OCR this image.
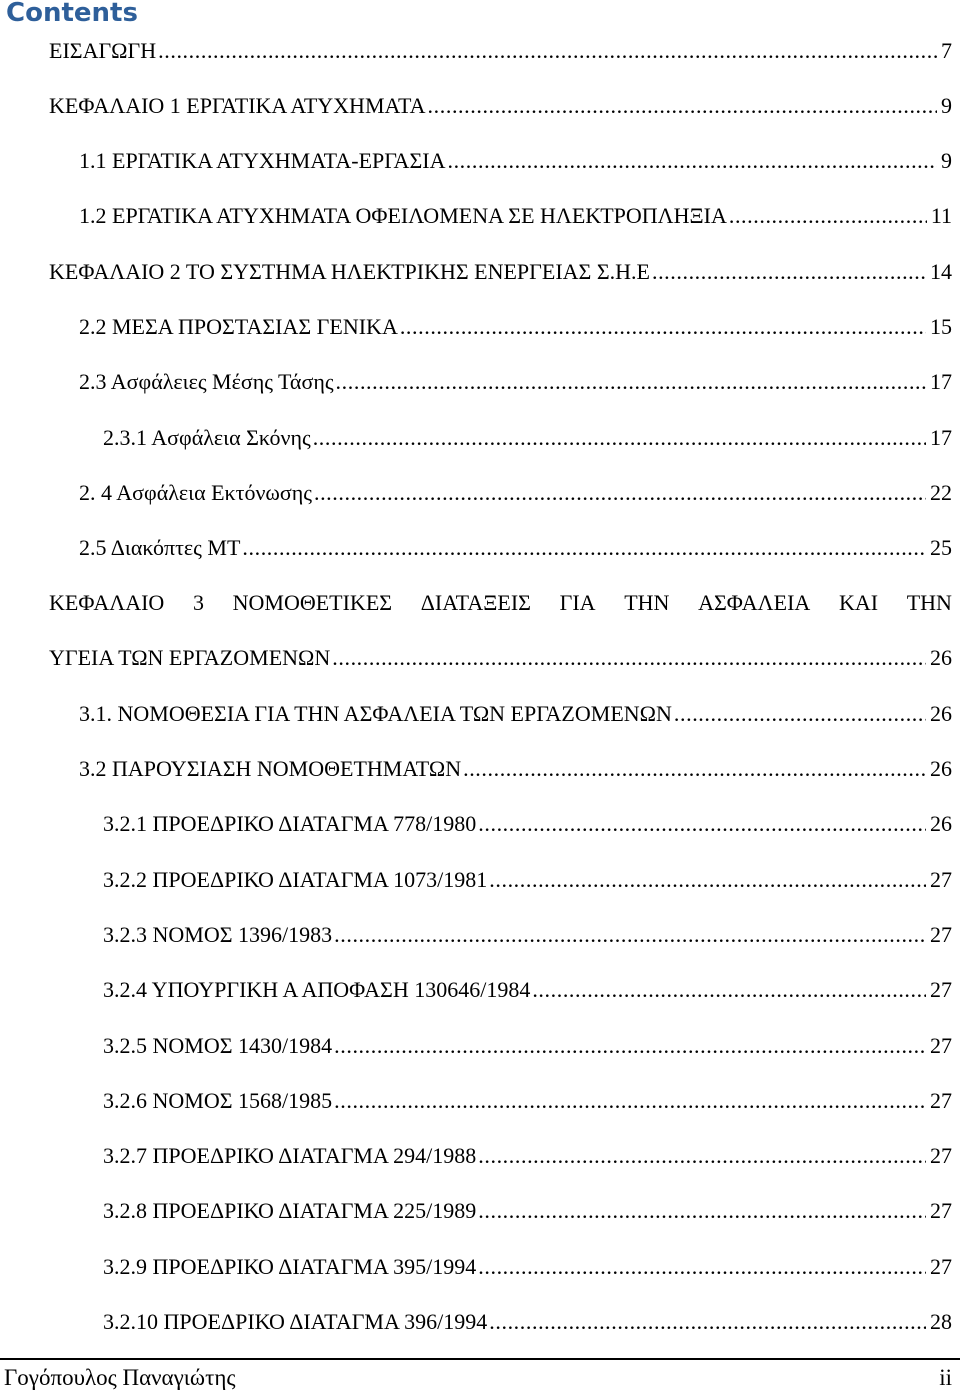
Contents
ΕΙΣΑΓΩΓΗ .....	7
ΚΕΦΑΛΑΙΟ 1 ΕΡΓΑΤΙΚΑ ΑΤΥΧΗΜΑΤΑ .....	9
1.1 ΕΡΓΑΤΙΚΑ ΑΤΥΧΗΜΑΤΑ-ΕΡΓΑΣΙΑ .....	9
1.2 ΕΡΓΑΤΙΚΑ ΑΤΥΧΗΜΑΤΑ ΟΦΕΙΛΟΜΕΝΑ ΣΕ ΗΛΕΚΤΡΟΠΛΗΞΙΑ .....	11
ΚΕΦΑΛΑΙΟ 2 ΤΟ ΣΥΣΤΗΜΑ ΗΛΕΚΤΡΙΚΗΣ ΕΝΕΡΓΕΙΑΣ Σ.Η.Ε .....	14
2.2 ΜΕΣΑ ΠΡΟΣΤΑΣΙΑΣ ΓΕΝΙΚΑ .....	15
2.3 Ασφάλειες Μέσης Τάσης .....	17
2.3.1 Ασφάλεια Σκόνης .....	17
2. 4 Ασφάλεια Εκτόνωσης .....	22
2.5 Διακόπτες ΜΤ .....	25
ΚΕΦΑΛΑΙΟ 3 ΝΟΜΟΘΕΤΙΚΕΣ ΔΙΑΤΑΞΕΙΣ ΓΙΑ ΤΗΝ ΑΣΦΑΛΕΙΑ ΚΑΙ ΤΗΝ
ΥΓΕΙΑ ΤΩΝ ΕΡΓΑΖΟΜΕΝΩΝ .....	26
3.1. ΝΟΜΟΘΕΣΙΑ ΓΙΑ ΤΗΝ ΑΣΦΑΛΕΙΑ ΤΩΝ ΕΡΓΑΖΟΜΕΝΩΝ .....	26
3.2 ΠΑΡΟΥΣΙΑΣΗ ΝΟΜΟΘΕΤΗΜΑΤΩΝ .....	26
3.2.1 ΠΡΟΕΔΡΙΚΟ ΔΙΑΤΑΓΜΑ 778/1980 .....	26
3.2.2 ΠΡΟΕΔΡΙΚΟ ΔΙΑΤΑΓΜΑ 1073/1981 .....	27
3.2.3 ΝΟΜΟΣ 1396/1983 .....	27
3.2.4 ΥΠΟΥΡΓΙΚΗ Α ΑΠΟΦΑΣΗ 130646/1984 .....	27
3.2.5 ΝΟΜΟΣ 1430/1984 .....	27
3.2.6 ΝΟΜΟΣ 1568/1985 .....	27
3.2.7 ΠΡΟΕΔΡΙΚΟ ΔΙΑΤΑΓΜΑ 294/1988 .....	27
3.2.8 ΠΡΟΕΔΡΙΚΟ ΔΙΑΤΑΓΜΑ 225/1989 .....	27
3.2.9 ΠΡΟΕΔΡΙΚΟ ΔΙΑΤΑΓΜΑ 395/1994 .....	27
3.2.10 ΠΡΟΕΔΡΙΚΟ ΔΙΑΤΑΓΜΑ 396/1994 .....	28
Γογόπουλος Παναγιώτης	ii
